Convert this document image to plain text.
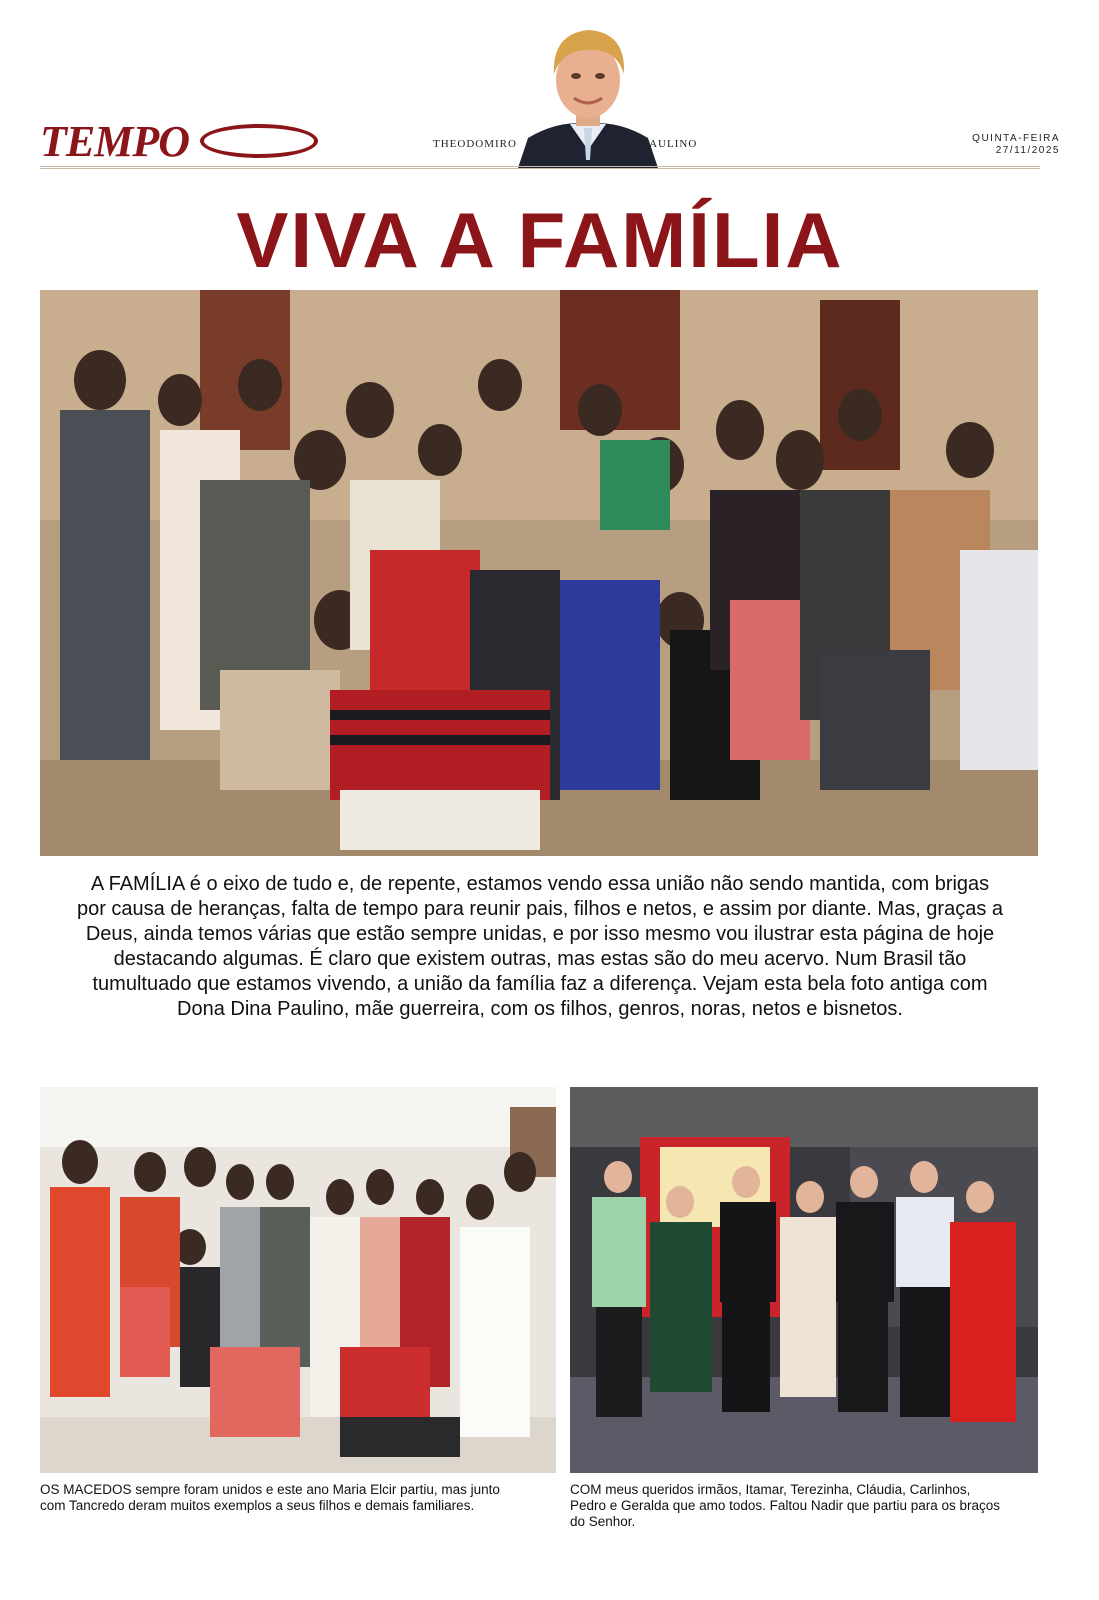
TEMPO	THEODOMIRO	PAULINO	QUINTA-FEIRA
27/11/2025
VIVA A FAMÍLIA
A FAMÍLIA é o eixo de tudo e, de repente, estamos vendo essa união não sendo mantida, com brigas por causa de heranças, falta de tempo para reunir pais, filhos e netos, e assim por diante. Mas, graças a Deus, ainda temos várias que estão sempre unidas, e por isso mesmo vou ilustrar esta página de hoje destacando algumas. É claro que existem outras, mas estas são do meu acervo. Num Brasil tão tumultuado que estamos vivendo, a união da família faz a diferença. Vejam esta bela foto antiga com Dona Dina Paulino, mãe guerreira, com os filhos, genros, noras, netos e bisnetos.
OS MACEDOS sempre foram unidos e este ano Maria Elcir partiu, mas junto com Tancredo deram muitos exemplos a seus filhos e demais familiares.
COM meus queridos irmãos, Itamar, Terezinha, Cláudia, Carlinhos, Pedro e Geralda que amo todos. Faltou Nadir que partiu para os braços do Senhor.
